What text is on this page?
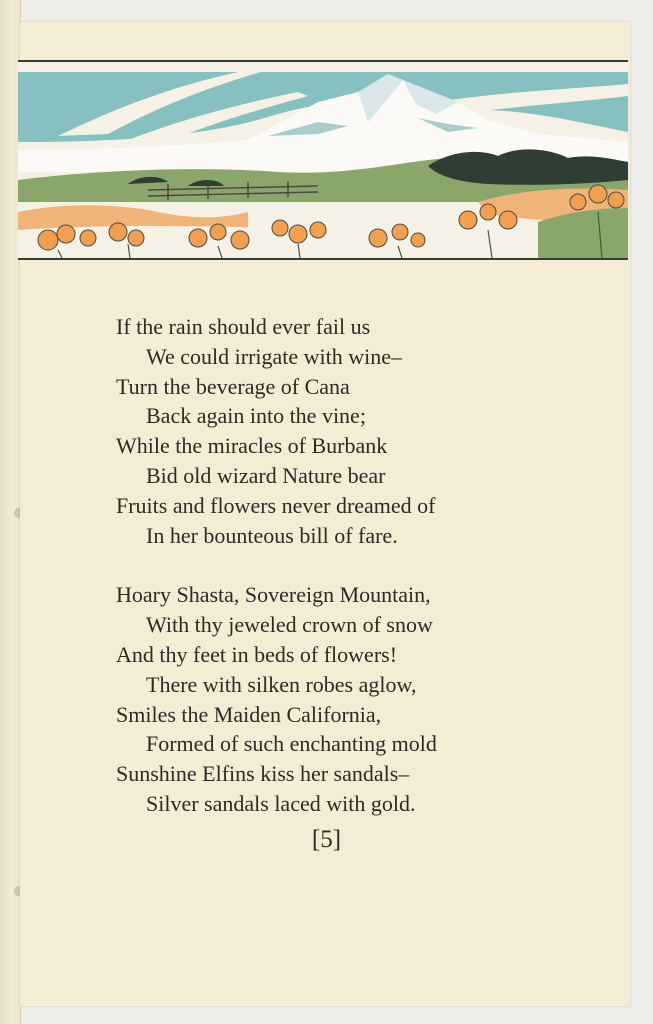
If the rain should ever fail us
We could irrigate with wine–
Turn the beverage of Cana
Back again into the vine;
While the miracles of Burbank
Bid old wizard Nature bear
Fruits and flowers never dreamed of
In her bounteous bill of fare.
Hoary Shasta, Sovereign Mountain,
With thy jeweled crown of snow
And thy feet in beds of flowers!
There with silken robes aglow,
Smiles the Maiden California,
Formed of such enchanting mold
Sunshine Elfins kiss her sandals–
Silver sandals laced with gold.
[5]
